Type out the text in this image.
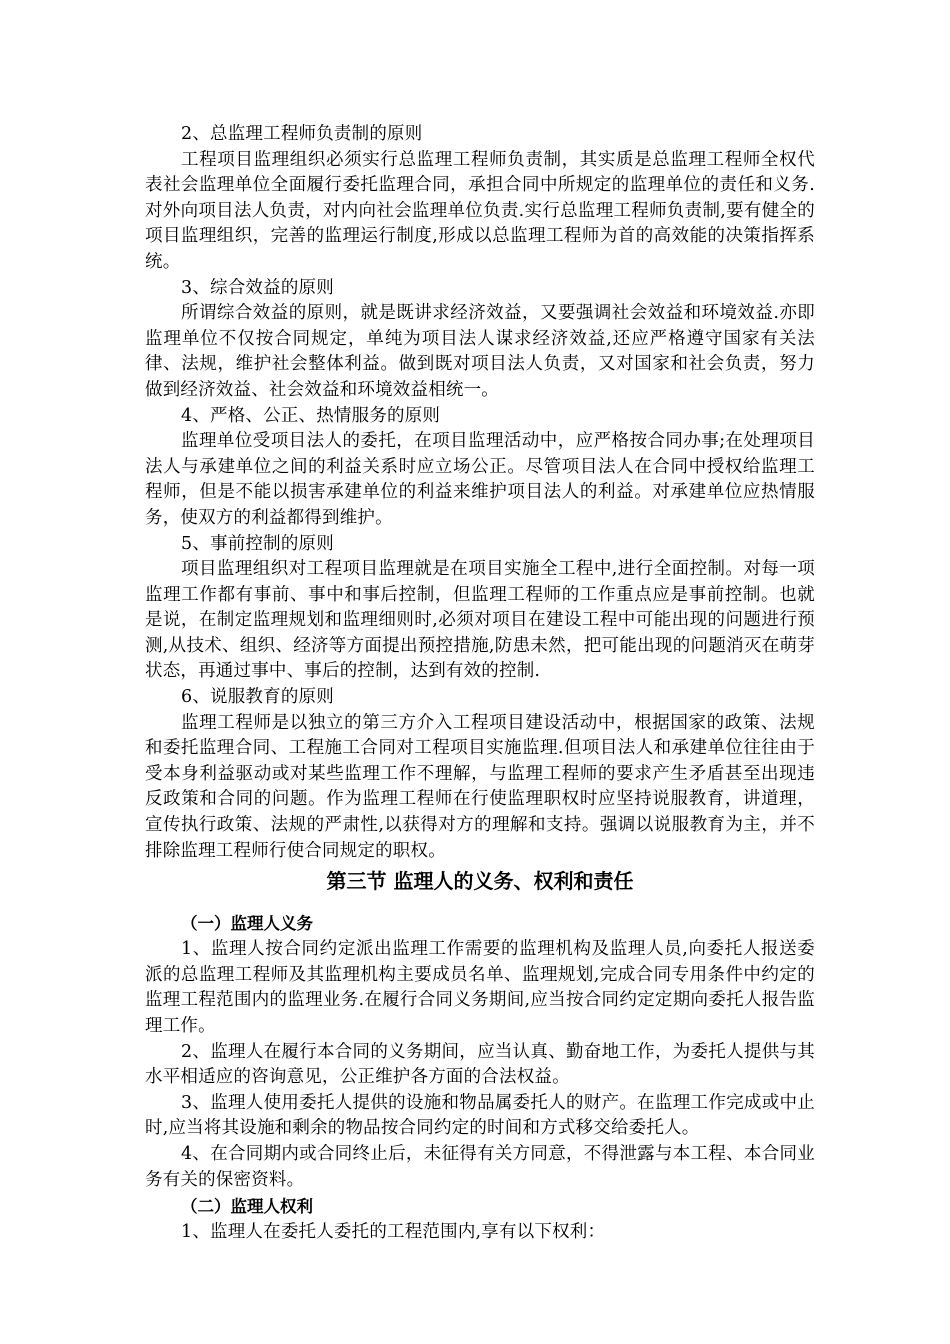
2、总监理工程师负责制的原则

工程项目监理组织必须实行总监理工程师负责制，其实质是总监理工程师全权代表社会监理单位全面履行委托监理合同，承担合同中所规定的监理单位的责任和义务.对外向项目法人负责，对内向社会监理单位负责.实行总监理工程师负责制,要有健全的项目监理组织，完善的监理运行制度,形成以总监理工程师为首的高效能的决策指挥系统。

3、综合效益的原则

所谓综合效益的原则，就是既讲求经济效益，又要强调社会效益和环境效益.亦即监理单位不仅按合同规定，单纯为项目法人谋求经济效益,还应严格遵守国家有关法律、法规，维护社会整体利益。做到既对项目法人负责，又对国家和社会负责，努力做到经济效益、社会效益和环境效益相统一。

4、严格、公正、热情服务的原则

监理单位受项目法人的委托，在项目监理活动中，应严格按合同办事;在处理项目法人与承建单位之间的利益关系时应立场公正。尽管项目法人在合同中授权给监理工程师，但是不能以损害承建单位的利益来维护项目法人的利益。对承建单位应热情服务，使双方的利益都得到维护。

5、事前控制的原则

项目监理组织对工程项目监理就是在项目实施全工程中,进行全面控制。对每一项监理工作都有事前、事中和事后控制，但监理工程师的工作重点应是事前控制。也就是说，在制定监理规划和监理细则时,必须对项目在建设工程中可能出现的问题进行预测,从技术、组织、经济等方面提出预控措施,防患未然，把可能出现的问题消灭在萌芽状态，再通过事中、事后的控制，达到有效的控制.

6、说服教育的原则

监理工程师是以独立的第三方介入工程项目建设活动中，根据国家的政策、法规和委托监理合同、工程施工合同对工程项目实施监理.但项目法人和承建单位往往由于受本身利益驱动或对某些监理工作不理解，与监理工程师的要求产生矛盾甚至出现违反政策和合同的问题。作为监理工程师在行使监理职权时应坚持说服教育，讲道理，宣传执行政策、法规的严肃性,以获得对方的理解和支持。强调以说服教育为主，并不排除监理工程师行使合同规定的职权。

第三节 监理人的义务、权利和责任
（一）监理人义务

1、监理人按合同约定派出监理工作需要的监理机构及监理人员,向委托人报送委派的总监理工程师及其监理机构主要成员名单、监理规划,完成合同专用条件中约定的监理工程范围内的监理业务.在履行合同义务期间,应当按合同约定定期向委托人报告监理工作。

2、监理人在履行本合同的义务期间，应当认真、勤奋地工作，为委托人提供与其水平相适应的咨询意见，公正维护各方面的合法权益。

3、监理人使用委托人提供的设施和物品属委托人的财产。在监理工作完成或中止时,应当将其设施和剩余的物品按合同约定的时间和方式移交给委托人。

4、在合同期内或合同终止后，未征得有关方同意，不得泄露与本工程、本合同业务有关的保密资料。

（二）监理人权利

1、监理人在委托人委托的工程范围内,享有以下权利：
